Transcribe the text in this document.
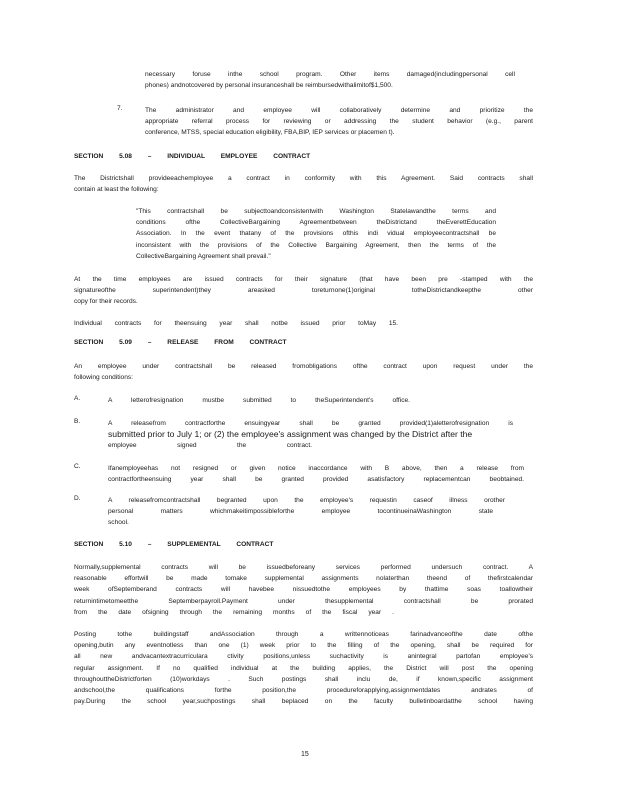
necessary foruse inthe school program. Other items damaged(includingpersonal cell
phones) andnotcovered by personal insuranceshall be reimbursedwithalimitof$1,500.
7.	The administrator and employee will collaboratively determine and prioritize the
appropriate referral process for reviewing or addressing the student behavior (e.g., parent
conference, MTSS, special education eligibility, FBA,BIP, IEP services or placemen t).
SECTION 5.08 – INDIVIDUAL EMPLOYEE CONTRACT
The Districtshall provideeachemployee a contract in conformity with this Agreement. Said contracts shall
contain at least the following:
"This contractshall be subjecttoandconsistentwith Washington Statelawandthe terms and
conditions ofthe CollectiveBargaining Agreementbetween theDistrictand theEverettEducation
Association. In the event thatany of the provisions ofthis indi vidual employeecontractshall be
inconsistent with the provisions of the Collective Bargaining Agreement, then the terms of the
CollectiveBargaining Agreement shall prevail."
At the time employees are issued contracts for their signature (that have been pre -stamped with the
signatureofthe superintendent)they areasked toreturnone(1)original totheDistrictandkeepthe other
copy for their records.
Individual contracts for theensuing year shall notbe issued prior toMay 15.
SECTION 5.09 – RELEASE FROM CONTRACT
An employee under contractshall be released fromobligations ofthe contract upon request under the
following conditions:
A.	A letterofresignation mustbe submitted to theSuperintendent's office.
B.	A releasefrom contractforthe ensuingyear shall be granted provided(1)aletterofresignation is
submitted prior to July 1; or (2) the employee's assignment was changed by the District after the
employee signed the contract.
C.	Ifanemployeehas not resigned or given notice inaccordance with B above, then a release from
contractfortheensuing year shall be granted provided asatisfactory replacementcan beobtained.
D.	A releasefromcontractshall begranted upon the employee's requestin caseof illness orother
personal matters whichmakeitimpossibleforthe employee tocontinueinaWashington state
school.
SECTION 5.10 – SUPPLEMENTAL CONTRACT
Normally,supplemental contracts will be issuedbeforeany services performed undersuch contract. A
reasonable effortwill be made tomake supplemental assignments nolaterthan theend of thefirstcalendar
week ofSeptemberand contracts will havebee nissuedtothe employees by thattime soas toallowtheir
returnintimetomeetthe Septemberpayroll.Payment under thesupplemental contractshall be prorated
from the date ofsigning through the remaining months of the fiscal year .
Posting tothe buildingstaff andAssociation through a writtennoticeas farinadvanceofthe date ofthe
opening,butin any eventnotless than one (1) week prior to the filling of the opening, shall be required for
all new andvacantextracurriculara ctivity positions,unless suchactivity is anintegral partofan employee's
regular assignment. If no qualified individual at the building applies, the District will post the opening
throughouttheDistrictforten (10)workdays . Such postings shall inclu de, if known,specific assignment
andschool,the qualifications forthe position,the procedureforapplying,assignmentdates andrates of
pay.During the school year,suchpostings shall beplaced on the faculty bulletinboardatthe school having
15
